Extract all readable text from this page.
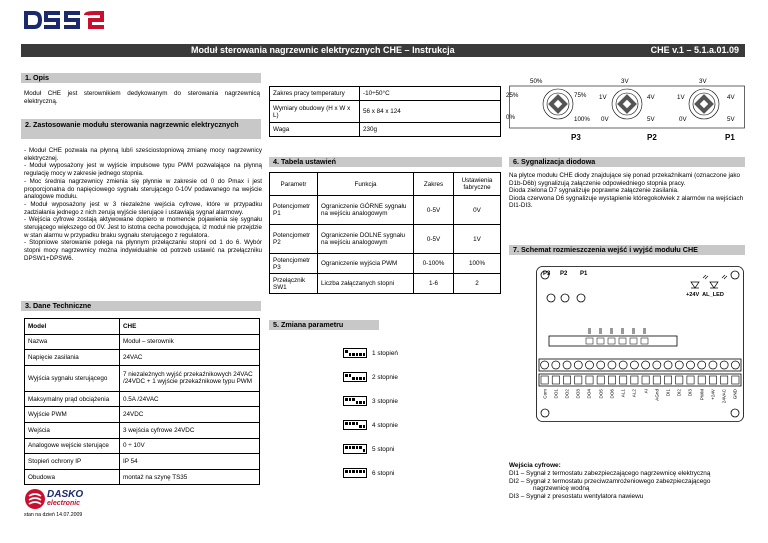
Moduł sterowania nagrzewnic elektrycznych CHE – Instrukcja	CHE v.1 – 5.1.a.01.09
1. Opis
Moduł CHE jest sterownikiem dedykowanym do sterowania nagrzewnicą elektryczną.
2. Zastosowanie modułu sterowania nagrzewnic elektrycznych
- Moduł CHE pozwala na płynną lub/i sześciostopniową zmianę mocy nagrzewnicy elektrycznej.
- Moduł wyposażony jest w wyjście impulsowe typu PWM pozwalające na płynną regulację mocy w zakresie jednego stopnia.
- Moc średnia nagrzewnicy zmienia się płynnie w zakresie od 0 do Pmax i jest proporcjonalna do napięciowego sygnału sterującego 0-10V podawanego na wejście analogowe modułu.
- Moduł wyposażony jest w 3 niezależne wejścia cyfrowe, które w przypadku zadziałania jednego z nich zerują wyjście sterujące i ustawiają sygnał alarmowy.
- Wejścia cyfrowe zostają aktywowane dopiero w momencie pojawienia się sygnału sterującego większego od 0V. Jest to istotna cecha powodująca, iż moduł nie przejdzie w stan alarmu w przypadku braku sygnału sterującego z regulatora.
- Stopniowe sterowanie polega na płynnym przełączaniu stopni od 1 do 6. Wybór stopni mocy nagrzewnicy można indywidualnie od potrzeb ustawić na przełączniku DPSW1+DPSW6.
3. Dane Techniczne
Model	CHE
Nazwa	Moduł – sterownik
Napięcie zasilania	24VAC
Wyjścia sygnału sterującego	7 niezależnych wyjść przekaźnikowych 24VAC /24VDC + 1 wyjście przekaźnikowe typu PWM
Maksymalny prąd obciążenia	0.5A /24VAC
Wyjście PWM	24VDC
Wejścia	3 wejścia cyfrowe 24VDC
Analogowe wejście sterujące	0 ÷ 10V
Stopień ochrony IP	IP 54
Obudowa	montaż na szynę TS35
Zakres pracy temperatury	-10÷50°C
Wymiary obudowy (H x W x L)	56 x 84 x 124
Waga	230g
4. Tabela ustawień
Parametr	Funkcja	Zakres	Ustawienia fabryczne
Potencjometr P1	Ograniczenie GÓRNE sygnału na wejściu analogowym	0-5V	0V
Potencjometr P2	Ograniczenie DOLNE sygnału na wejściu analogowym	0-5V	1V
Potencjometr P3	Ograniczenie wyjścia PWM	0-100%	100%
Przełącznik SW1	Liczba załączanych stopni	1-6	2
5. Zmiana parametru
1 stopień
2 stopnie
3 stopnie
4 stopnie
5 stopni
6 stopni
50%
25%	75%
0%	100%
P3
3V
1V	4V
0V	5V
P2
3V
1V	4V
0V	5V
P1
6. Sygnalizacja diodowa
Na płytce modułu CHE diody znajdujące się ponad przekaźnikami (oznaczone jako D1b-D6b) sygnalizują załączenie odpowiedniego stopnia pracy.
Dioda zielona D7 sygnalizuje poprawne załączenie zasilania.
Dioda czerwona D6 sygnalizuje wystąpienie któregokolwiek z alarmów na wejściach DI1-DI3.
7. Schemat rozmieszczenia wejść i wyjść modułu CHE
P3 P2 P1
+24V  AL_LED
Com DO1 DO2 DO3 DO4 DO5 DO6 AL1 AL2 AI AGnd DI1 DI2 DI3 PWM +24V 24VAC GND
Wejścia cyfrowe:
DI1 – Sygnał z termostatu zabezpieczającego nagrzewnicę elektryczną
DI2 – Sygnał z termostatu przeciwzamrożeniowego zabezpieczającego nagrzewnicę wodną
DI3 – Sygnał z presostatu wentylatora nawiewu
DASKO
electronic
stan na dzień 14.07.2009
